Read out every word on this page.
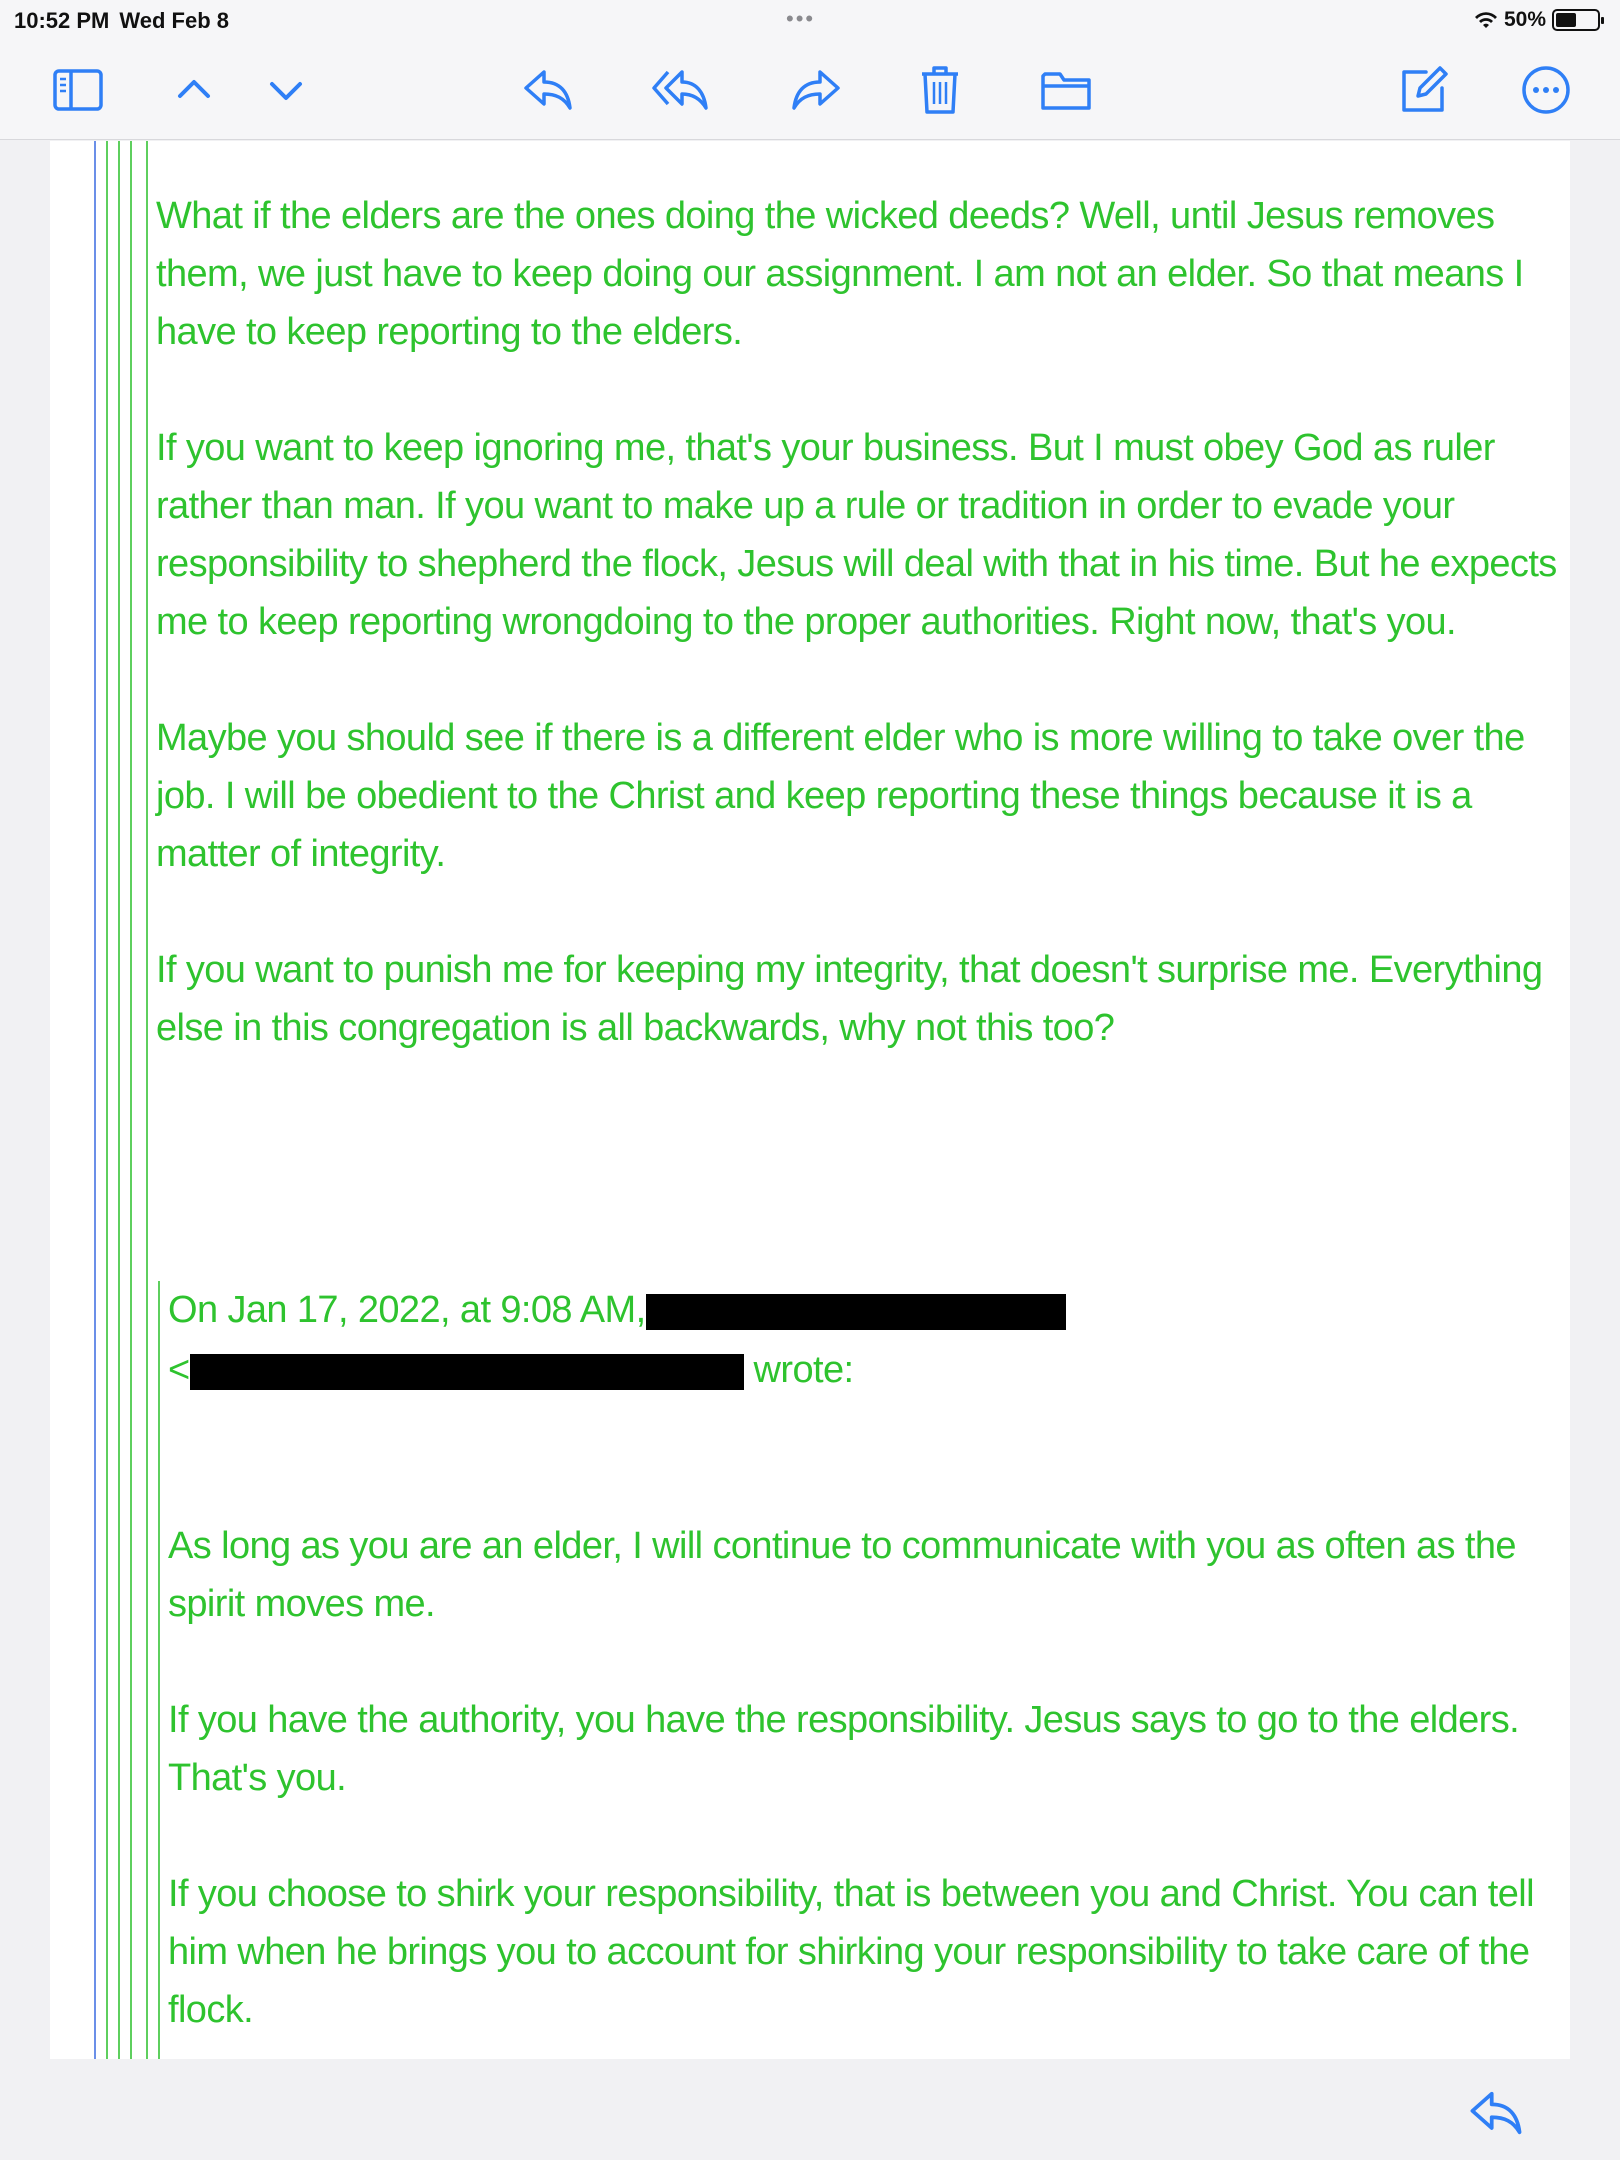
10:52 PM Wed Feb 8	•••	50%

What if the elders are the ones doing the wicked deeds? Well, until Jesus removes them, we just have to keep doing our assignment. I am not an elder. So that means I have to keep reporting to the elders.

If you want to keep ignoring me, that's your business. But I must obey God as ruler rather than man. If you want to make up a rule or tradition in order to evade your responsibility to shepherd the flock, Jesus will deal with that in his time. But he expects me to keep reporting wrongdoing to the proper authorities. Right now, that's you.

Maybe you should see if there is a different elder who is more willing to take over the job. I will be obedient to the Christ and keep reporting these things because it is a matter of integrity.

If you want to punish me for keeping my integrity, that doesn't surprise me. Everything else in this congregation is all backwards, why not this too?

On Jan 17, 2022, at 9:08 AM,
<	wrote:

As long as you are an elder, I will continue to communicate with you as often as the spirit moves me.

If you have the authority, you have the responsibility. Jesus says to go to the elders. That's you.

If you choose to shirk your responsibility, that is between you and Christ. You can tell him when he brings you to account for shirking your responsibility to take care of the flock.
